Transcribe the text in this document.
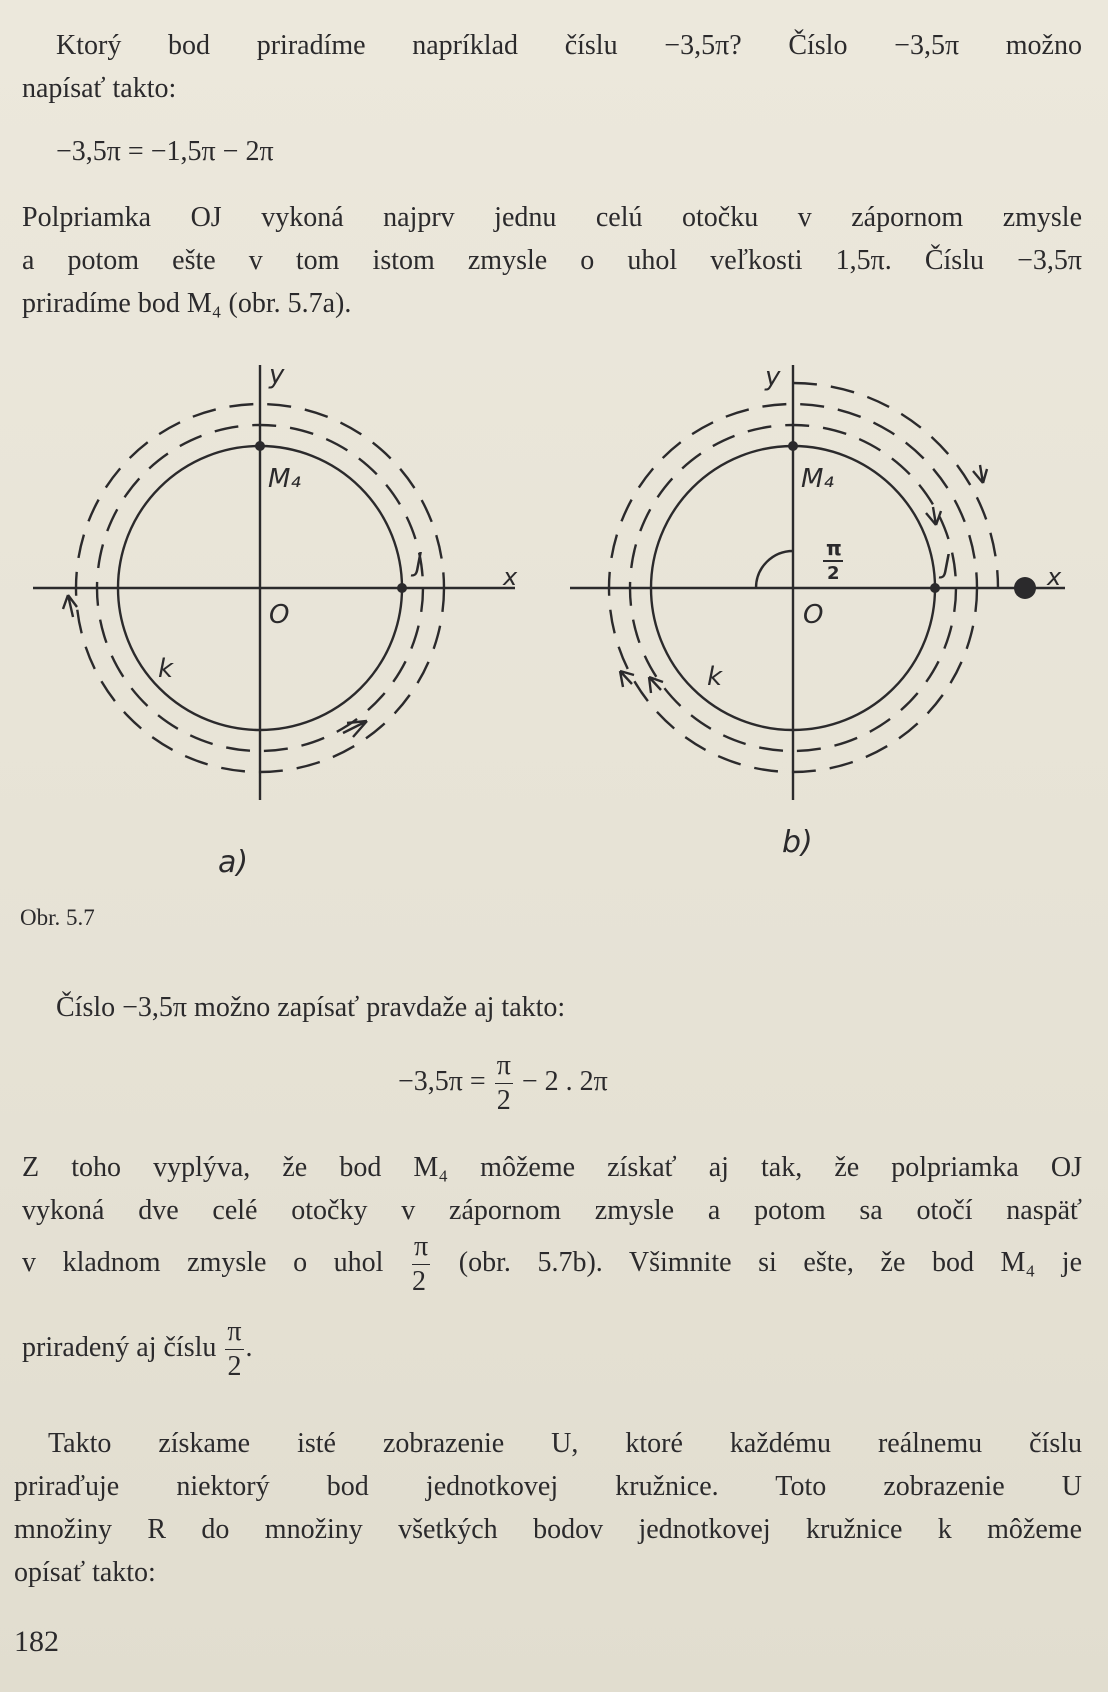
Ktorý bod priradíme napríklad číslu −3,5π? Číslo −3,5π možno
napísať takto:
−3,5π = −1,5π − 2π
Polpriamka OJ vykoná najprv jednu celú otočku v zápornom zmysle
a potom ešte v tom istom zmysle o uhol veľkosti 1,5π. Číslu −3,5π
priradíme bod M₄ (obr. 5.7a).
y
x
M₄
J
O
k
a)
y
x
M₄
J
O
k
π
2
b)
Obr. 5.7
Číslo −3,5π možno zapísať pravdaže aj takto:
$-3,5\pi = \frac{\pi}{2} - 2$ . 2π
Z toho vyplýva, že bod M₄ môžeme získať aj tak, že polpriamka OJ
vykoná dve celé otočky v zápornom zmysle a potom sa otočí naspäť
v kladnom zmysle o uhol $\frac{\pi}{2} (obr$. 5.7b). Všimnite si ešte, že bod M₄ je
priradený aj číslu $\frac{\pi}{2}$ .
Takto získame isté zobrazenie U, ktoré každému reálnemu číslu
priraďuje niektorý bod jednotkovej kružnice. Toto zobrazenie U
množiny R do množiny všetkých bodov jednotkovej kružnice k môžeme
opísať takto:
182
